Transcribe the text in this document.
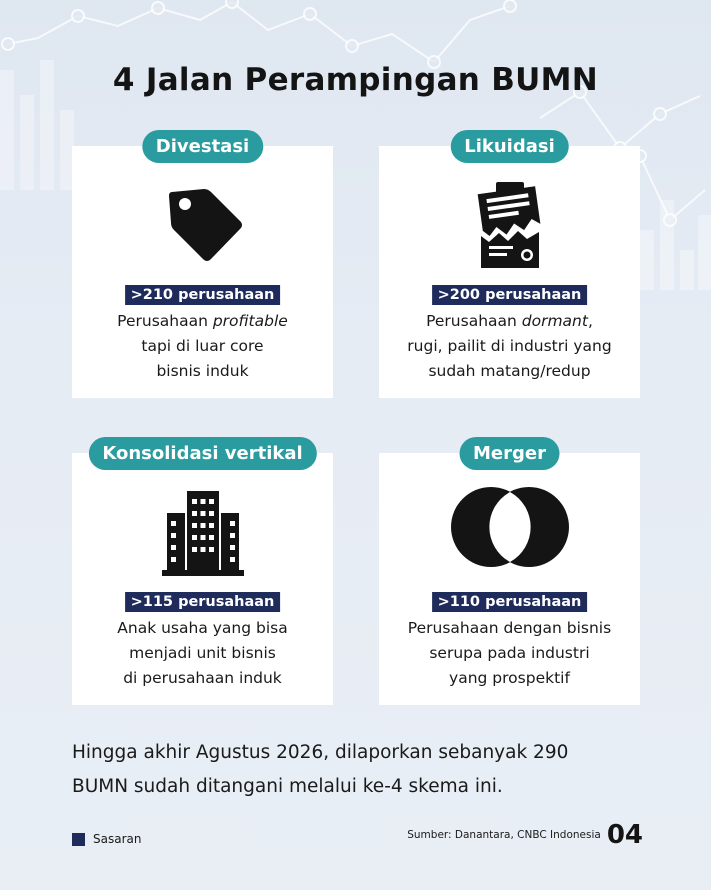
4 Jalan Perampingan BUMN
Divestasi
>210 perusahaan
Perusahaan profitable
tapi di luar core
bisnis induk
Likuidasi
>200 perusahaan
Perusahaan dormant,
rugi, pailit di industri yang
sudah matang/redup
Konsolidasi vertikal
>115 perusahaan
Anak usaha yang bisa
menjadi unit bisnis
di perusahaan induk
Merger
>110 perusahaan
Perusahaan dengan bisnis
serupa pada industri
yang prospektif
Hingga akhir Agustus 2026, dilaporkan sebanyak 290
BUMN sudah ditangani melalui ke-4 skema ini.
Sasaran	Sumber: Danantara, CNBC Indonesia 04
